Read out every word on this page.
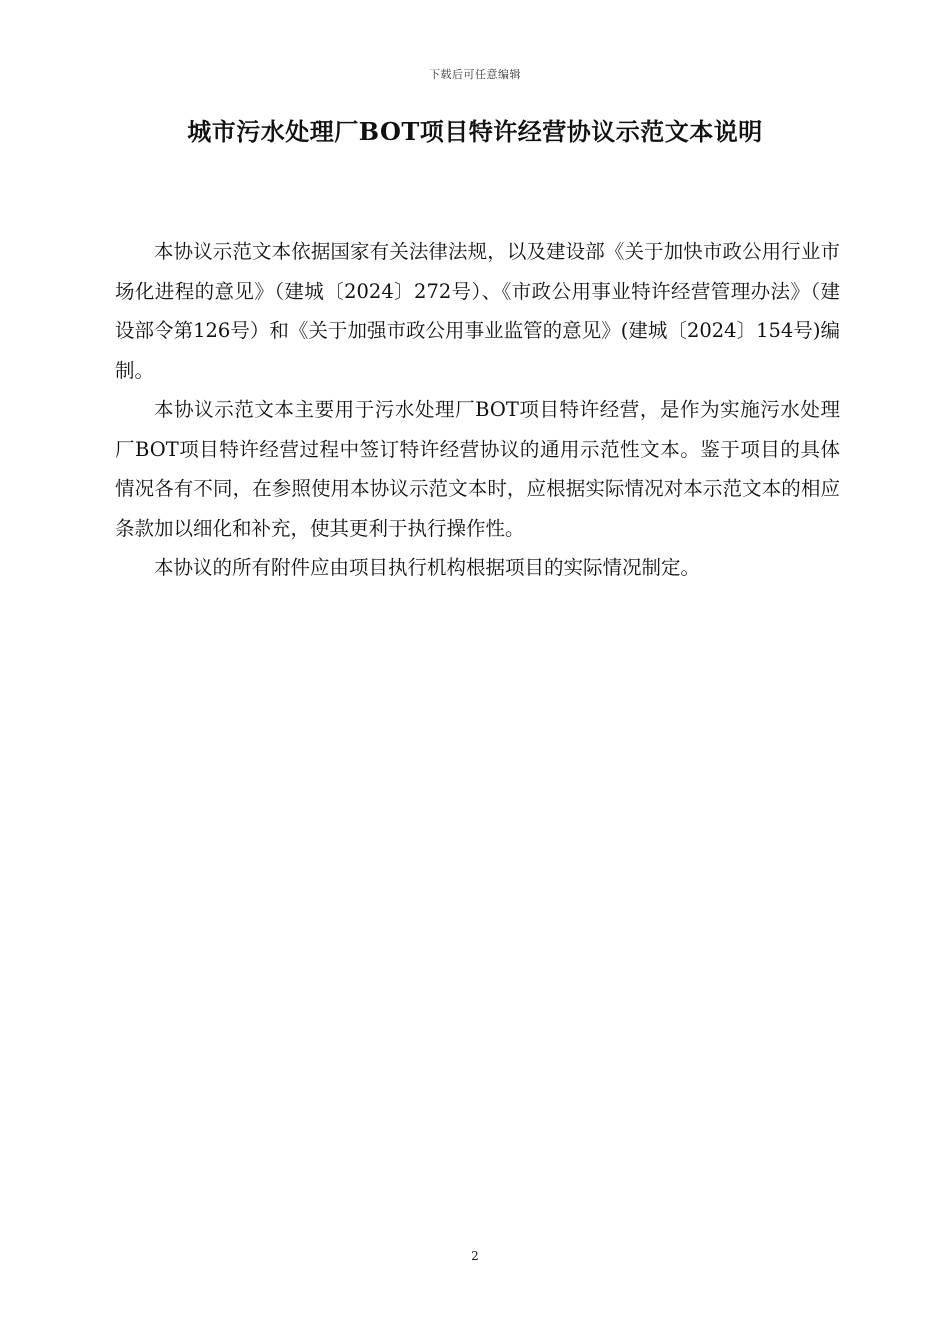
下载后可任意编辑
城市污水处理厂BOT项目特许经营协议示范文本说明

本协议示范文本依据国家有关法律法规，以及建设部《关于加快市政公用行业市场化进程的意见》（建城〔2024〕272号）、《市政公用事业特许经营管理办法》（建设部令第126号）和《关于加强市政公用事业监管的意见》(建城〔2024〕154号)编制。

本协议示范文本主要用于污水处理厂BOT项目特许经营，是作为实施污水处理厂BOT项目特许经营过程中签订特许经营协议的通用示范性文本。鉴于项目的具体情况各有不同，在参照使用本协议示范文本时，应根据实际情况对本示范文本的相应条款加以细化和补充，使其更利于执行操作性。

本协议的所有附件应由项目执行机构根据项目的实际情况制定。

2
